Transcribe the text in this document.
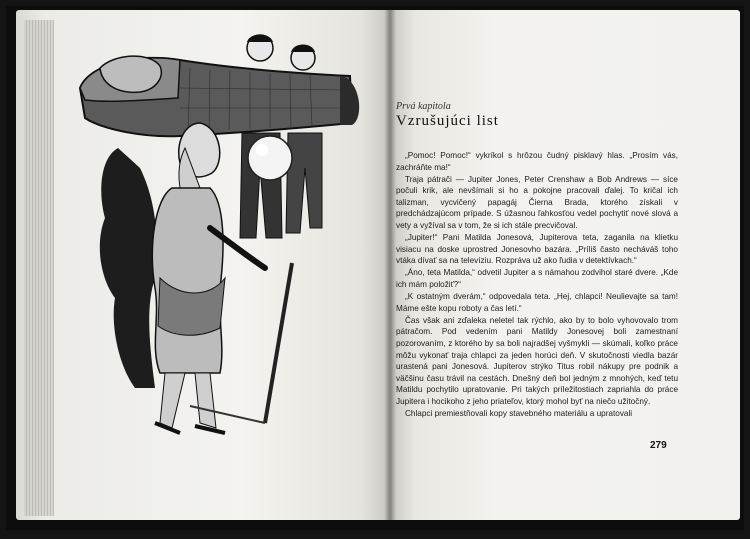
Prvá kapitola
Vzrušujúci list

„Pomoc! Pomoc!“ vykríkol s hrôzou čudný pisklavý hlas. „Prosím vás, zachráňte ma!“

Traja pátrači — Jupiter Jones, Peter Crenshaw a Bob Andrews — síce počuli krik, ale nevšímali si ho a pokojne pracovali ďalej. To kričal ich talizman, vycvičený papagáj Čierna Brada, ktorého získali v predchádzajúcom prípade. S úžasnou ľahkosťou vedel pochytiť nové slová a vety a vyžíval sa v tom, že si ich stále precvičoval.

„Jupiter!“ Pani Matilda Jonesová, Jupiterova teta, zaganila na klietku visiacu na doske uprostred Jonesovho bazára. „Príliš často necháváš toho vtáka dívať sa na televíziu. Rozpráva už ako ľudia v detektívkach.“

„Áno, teta Matilda,“ odvetil Jupiter a s námahou zodvihol staré dvere. „Kde ich mám položiť?“

„K ostatným dverám,“ odpovedala teta. „Hej, chlapci! Neulievajte sa tam! Máme ešte kopu roboty a čas letí.“

Čas však ani zďaleka neletel tak rýchlo, ako by to bolo vyhovovalo trom pátračom. Pod vedením pani Matildy Jonesovej boli zamestnaní pozorovaním, z ktorého by sa boli najradšej vyšmykli — skúmali, koľko práce môžu vykonať traja chlapci za jeden horúci deň. V skutočnosti viedla bazár urastená pani Jonesová. Jupiterov strýko Titus robil nákupy pre podnik a väčšinu času trávil na cestách. Dnešný deň bol jedným z mnohých, keď tetu Matildu pochytilo upratovanie. Pri takých príležitostiach zapriahla do práce Jupitera i hocikoho z jeho priateľov, ktorý mohol byť na niečo užitočný.

Chlapci premiestňovali kopy stavebného materiálu a upratovali

279
